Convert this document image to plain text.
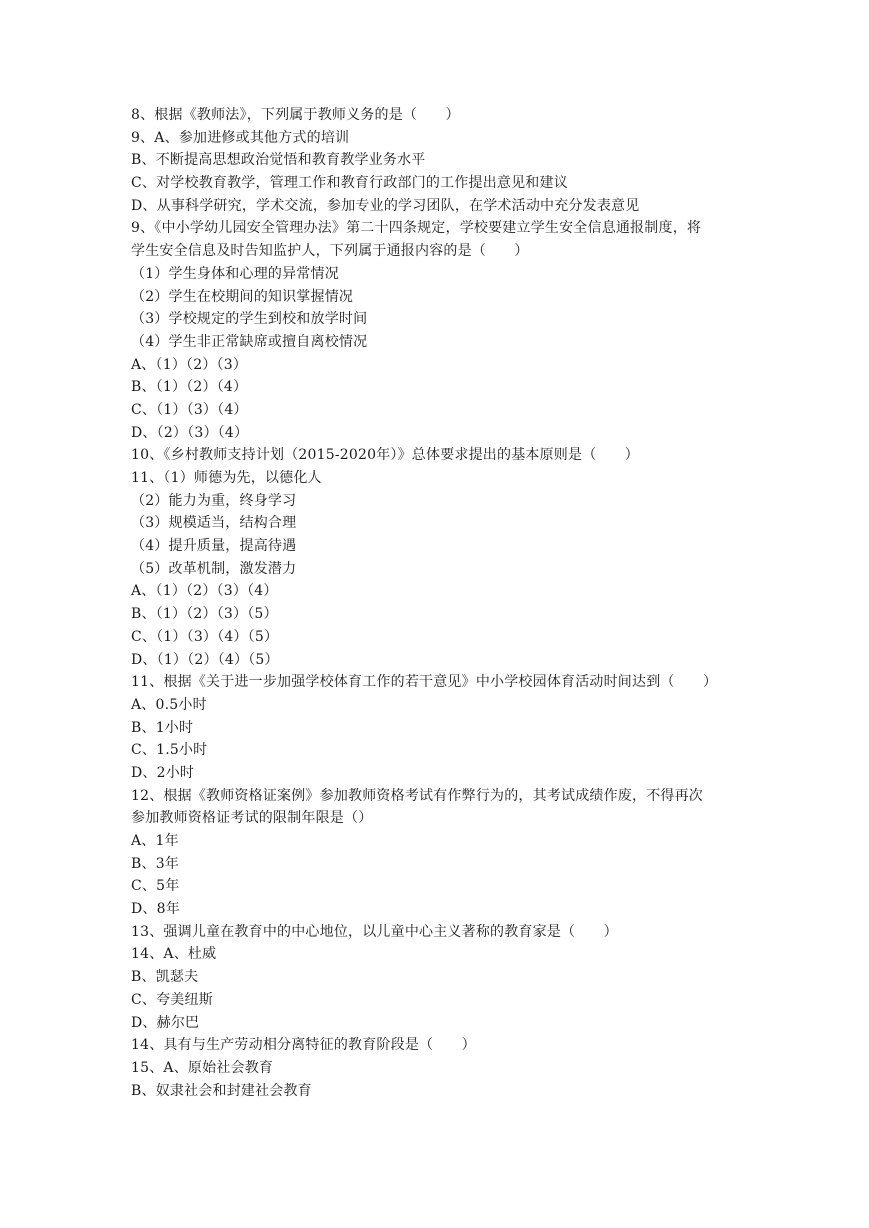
8、根据《教师法》，下列属于教师义务的是（　　）
9、A、参加进修或其他方式的培训
B、不断提高思想政治觉悟和教育教学业务水平
C、对学校教育教学，管理工作和教育行政部门的工作提出意见和建议
D、从事科学研究，学术交流，参加专业的学习团队，在学术活动中充分发表意见
9、《中小学幼儿园安全管理办法》第二十四条规定，学校要建立学生安全信息通报制度，将
学生安全信息及时告知监护人，下列属于通报内容的是（　　）
（1）学生身体和心理的异常情况
（2）学生在校期间的知识掌握情况
（3）学校规定的学生到校和放学时间
（4）学生非正常缺席或擅自离校情况
A、（1）（2）（3）
B、（1）（2）（4）
C、（1）（3）（4）
D、（2）（3）（4）
10、《乡村教师支持计划（2015-2020年）》总体要求提出的基本原则是（　　）
11、（1）师德为先，以德化人
（2）能力为重，终身学习
（3）规模适当，结构合理
（4）提升质量，提高待遇
（5）改革机制，激发潜力
A、（1）（2）（3）（4）
B、（1）（2）（3）（5）
C、（1）（3）（4）（5）
D、（1）（2）（4）（5）
11、根据《关于进一步加强学校体育工作的若干意见》中小学校园体育活动时间达到（　　）
A、0.5小时
B、1小时
C、1.5小时
D、2小时
12、根据《教师资格证案例》参加教师资格考试有作弊行为的，其考试成绩作废，不得再次
参加教师资格证考试的限制年限是（）
A、1年
B、3年
C、5年
D、8年
13、强调儿童在教育中的中心地位，以儿童中心主义著称的教育家是（　　）
14、A、杜威
B、凯瑟夫
C、夸美纽斯
D、赫尔巴
14、具有与生产劳动相分离特征的教育阶段是（　　）
15、A、原始社会教育
B、奴隶社会和封建社会教育
